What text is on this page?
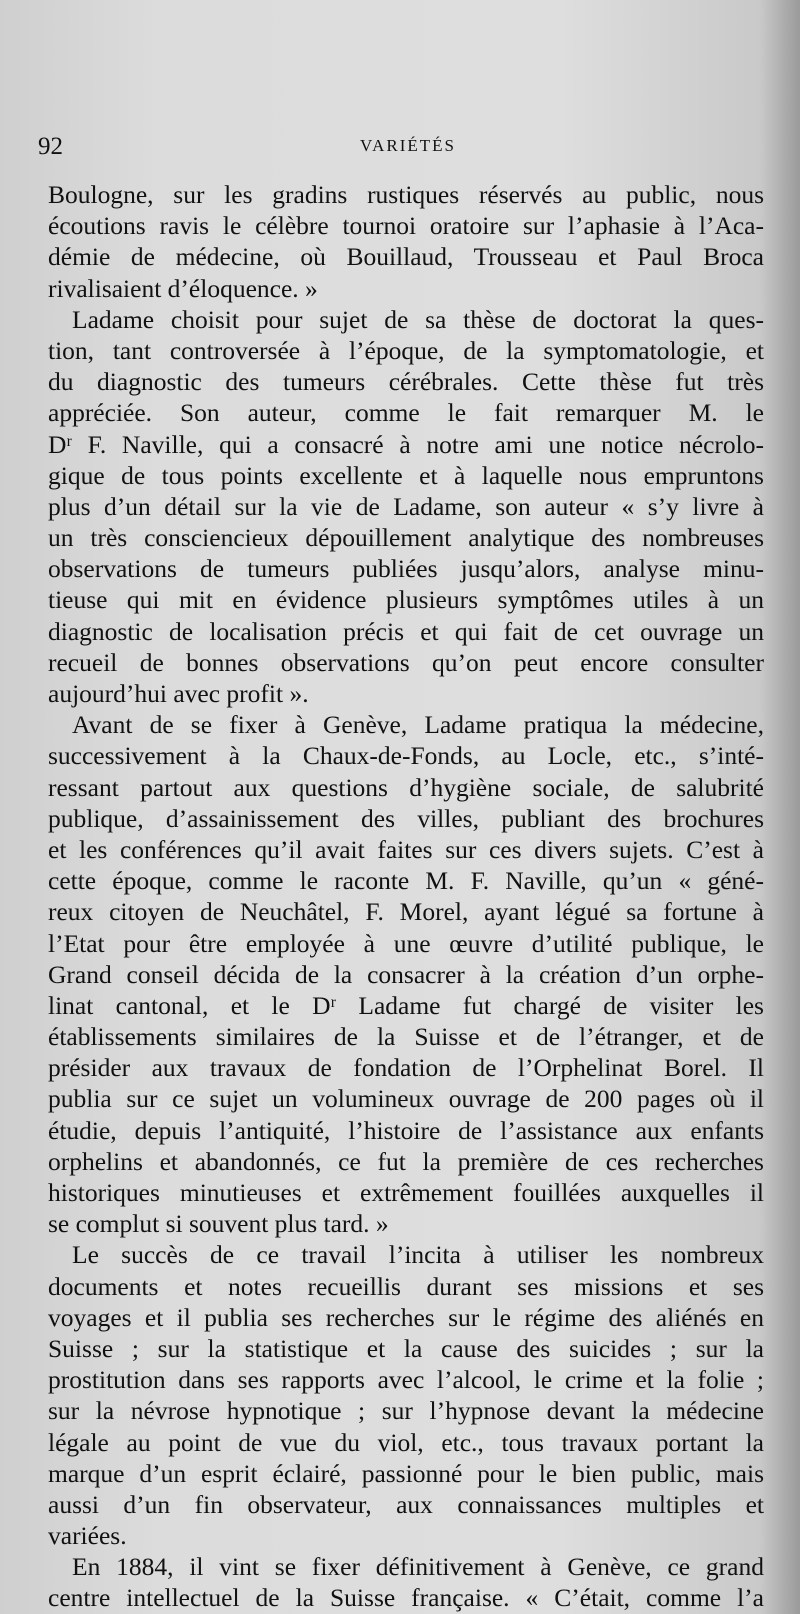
92	VARIÉTÉS
Boulogne, sur les gradins rustiques réservés au public, nous
écoutions ravis le célèbre tournoi oratoire sur l’aphasie à l’Aca-
démie de médecine, où Bouillaud, Trousseau et Paul Broca
rivalisaient d’éloquence. »
Ladame choisit pour sujet de sa thèse de doctorat la ques-
tion, tant controversée à l’époque, de la symptomatologie, et
du diagnostic des tumeurs cérébrales. Cette thèse fut très
appréciée. Son auteur, comme le fait remarquer M. le
Dʳ F. Naville, qui a consacré à notre ami une notice nécrolo-
gique de tous points excellente et à laquelle nous empruntons
plus d’un détail sur la vie de Ladame, son auteur « s’y livre à
un très consciencieux dépouillement analytique des nombreuses
observations de tumeurs publiées jusqu’alors, analyse minu-
tieuse qui mit en évidence plusieurs symptômes utiles à un
diagnostic de localisation précis et qui fait de cet ouvrage un
recueil de bonnes observations qu’on peut encore consulter
aujourd’hui avec profit ».
Avant de se fixer à Genève, Ladame pratiqua la médecine,
successivement à la Chaux-de-Fonds, au Locle, etc., s’inté-
ressant partout aux questions d’hygiène sociale, de salubrité
publique, d’assainissement des villes, publiant des brochures
et les conférences qu’il avait faites sur ces divers sujets. C’est à
cette époque, comme le raconte M. F. Naville, qu’un « géné-
reux citoyen de Neuchâtel, F. Morel, ayant légué sa fortune à
l’Etat pour être employée à une œuvre d’utilité publique, le
Grand conseil décida de la consacrer à la création d’un orphe-
linat cantonal, et le Dʳ Ladame fut chargé de visiter les
établissements similaires de la Suisse et de l’étranger, et de
présider aux travaux de fondation de l’Orphelinat Borel. Il
publia sur ce sujet un volumineux ouvrage de 200 pages où il
étudie, depuis l’antiquité, l’histoire de l’assistance aux enfants
orphelins et abandonnés, ce fut la première de ces recherches
historiques minutieuses et extrêmement fouillées auxquelles il
se complut si souvent plus tard. »
Le succès de ce travail l’incita à utiliser les nombreux
documents et notes recueillis durant ses missions et ses
voyages et il publia ses recherches sur le régime des aliénés en
Suisse ; sur la statistique et la cause des suicides ; sur la
prostitution dans ses rapports avec l’alcool, le crime et la folie ;
sur la névrose hypnotique ; sur l’hypnose devant la médecine
légale au point de vue du viol, etc., tous travaux portant la
marque d’un esprit éclairé, passionné pour le bien public, mais
aussi d’un fin observateur, aux connaissances multiples et
variées.
En 1884, il vint se fixer définitivement à Genève, ce grand
centre intellectuel de la Suisse française. « C’était, comme l’a
